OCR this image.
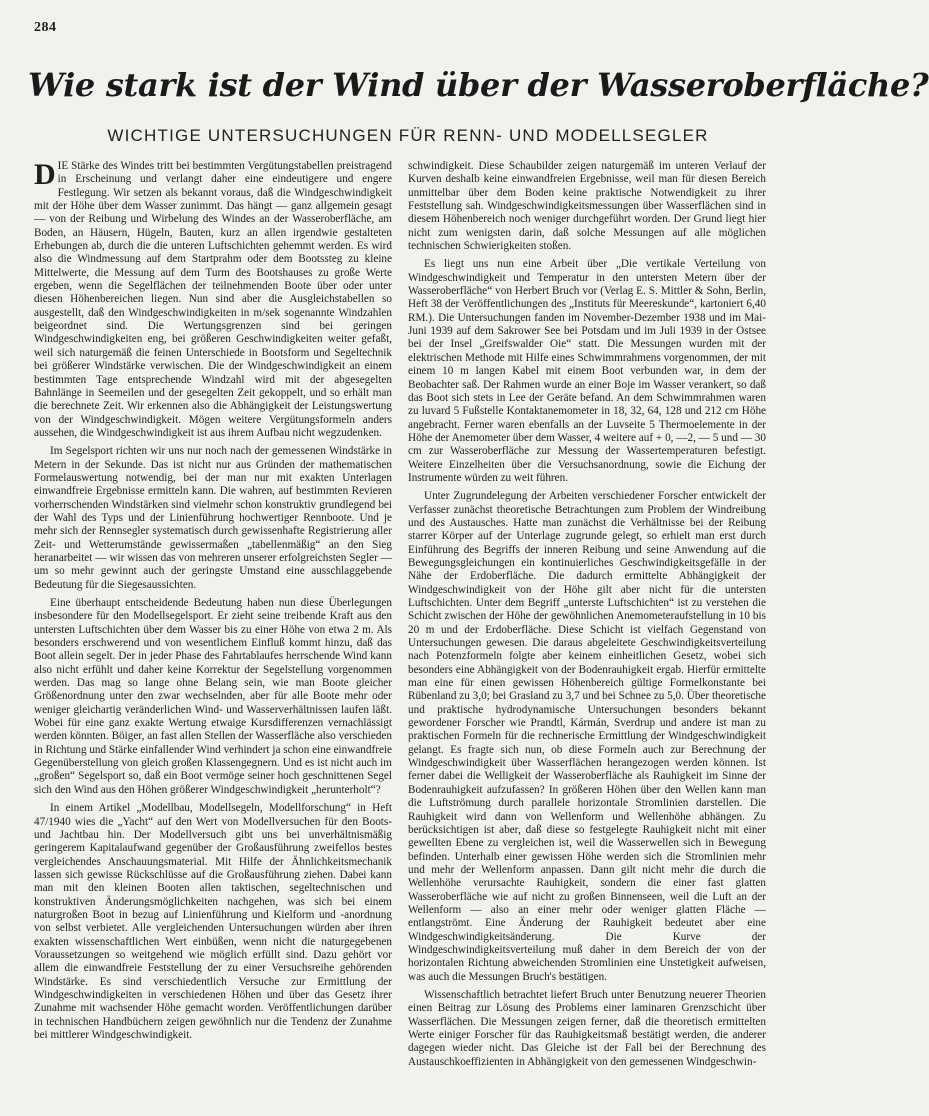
284
Wie stark ist der Wind über der Wasseroberfläche?
WICHTIGE UNTERSUCHUNGEN FÜR RENN- UND MODELLSEGLER

DIE Stärke des Windes tritt bei bestimmten Vergütungstabellen preistragend in Erscheinung und verlangt daher eine eindeutigere und engere Festlegung. Wir setzen als bekannt voraus, daß die Windgeschwindigkeit mit der Höhe über dem Wasser zunimmt. Das hängt — ganz allgemein gesagt — von der Reibung und Wirbelung des Windes an der Wasseroberfläche, am Boden, an Häusern, Hügeln, Bauten, kurz an allen irgendwie gestalteten Erhebungen ab, durch die die unteren Luftschichten gehemmt werden. Es wird also die Windmessung auf dem Startprahm oder dem Bootssteg zu kleine Mittelwerte, die Messung auf dem Turm des Bootshauses zu große Werte ergeben, wenn die Segelflächen der teilnehmenden Boote über oder unter diesen Höhenbereichen liegen. Nun sind aber die Ausgleichstabellen so ausgestellt, daß den Windgeschwindigkeiten in m/sek sogenannte Windzahlen beigeordnet sind. Die Wertungsgrenzen sind bei geringen Windgeschwindigkeiten eng, bei größeren Geschwindigkeiten weiter gefaßt, weil sich naturgemäß die feinen Unterschiede in Bootsform und Segeltechnik bei größerer Windstärke verwischen. Die der Windgeschwindigkeit an einem bestimmten Tage entsprechende Windzahl wird mit der abgesegelten Bahnlänge in Seemeilen und der gesegelten Zeit gekoppelt, und so erhält man die berechnete Zeit. Wir erkennen also die Abhängigkeit der Leistungswertung von der Windgeschwindigkeit. Mögen weitere Vergütungsformeln anders aussehen, die Windgeschwindigkeit ist aus ihrem Aufbau nicht wegzudenken.

Im Segelsport richten wir uns nur noch nach der gemessenen Windstärke in Metern in der Sekunde. Das ist nicht nur aus Gründen der mathematischen Formelauswertung notwendig, bei der man nur mit exakten Unterlagen einwandfreie Ergebnisse ermitteln kann. Die wahren, auf bestimmten Revieren vorherrschenden Windstärken sind vielmehr schon konstruktiv grundlegend bei der Wahl des Typs und der Linienführung hochwertiger Rennboote. Und je mehr sich der Rennsegler systematisch durch gewissenhafte Registrierung aller Zeit- und Wetterumstände gewissermaßen „tabellenmäßig“ an den Sieg heranarbeitet — wir wissen das von mehreren unserer erfolgreichsten Segler — um so mehr gewinnt auch der geringste Umstand eine ausschlaggebende Bedeutung für die Siegesaussichten.

Eine überhaupt entscheidende Bedeutung haben nun diese Überlegungen insbesondere für den Modellsegelsport. Er zieht seine treibende Kraft aus den untersten Luftschichten über dem Wasser bis zu einer Höhe von etwa 2 m. Als besonders erschwerend und von wesentlichem Einfluß kommt hinzu, daß das Boot allein segelt. Der in jeder Phase des Fahrtablaufes herrschende Wind kann also nicht erfühlt und daher keine Korrektur der Segelstellung vorgenommen werden. Das mag so lange ohne Belang sein, wie man Boote gleicher Größenordnung unter den zwar wechselnden, aber für alle Boote mehr oder weniger gleichartig veränderlichen Wind- und Wasserverhältnissen laufen läßt. Wobei für eine ganz exakte Wertung etwaige Kursdifferenzen vernachlässigt werden könnten. Böiger, an fast allen Stellen der Wasserfläche also verschieden in Richtung und Stärke einfallender Wind verhindert ja schon eine einwandfreie Gegenüberstellung von gleich großen Klassengegnern. Und es ist nicht auch im „großen“ Segelsport so, daß ein Boot vermöge seiner hoch geschnittenen Segel sich den Wind aus den Höhen größerer Windgeschwindigkeit „herunterholt“?

In einem Artikel „Modellbau, Modellsegeln, Modellforschung“ in Heft 47/1940 wies die „Yacht“ auf den Wert von Modellversuchen für den Boots- und Jachtbau hin. Der Modellversuch gibt uns bei unverhältnismäßig geringerem Kapitalaufwand gegenüber der Großausführung zweifellos bestes vergleichendes Anschauungsmaterial. Mit Hilfe der Ähnlichkeitsmechanik lassen sich gewisse Rückschlüsse auf die Großausführung ziehen. Dabei kann man mit den kleinen Booten allen taktischen, segeltechnischen und konstruktiven Änderungsmöglichkeiten nachgehen, was sich bei einem naturgroßen Boot in bezug auf Linienführung und Kielform und -anordnung von selbst verbietet. Alle vergleichenden Untersuchungen würden aber ihren exakten wissenschaftlichen Wert einbüßen, wenn nicht die naturgegebenen Voraussetzungen so weitgehend wie möglich erfüllt sind. Dazu gehört vor allem die einwandfreie Feststellung der zu einer Versuchsreihe gehörenden Windstärke. Es sind verschiedentlich Versuche zur Ermittlung der Windgeschwindigkeiten in verschiedenen Höhen und über das Gesetz ihrer Zunahme mit wachsender Höhe gemacht worden. Veröffentlichungen darüber in technischen Handbüchern zeigen gewöhnlich nur die Tendenz der Zunahme bei mittlerer Windgeschwindigkeit.

schwindigkeit. Diese Schaubilder zeigen naturgemäß im unteren Verlauf der Kurven deshalb keine einwandfreien Ergebnisse, weil man für diesen Bereich unmittelbar über dem Boden keine praktische Notwendigkeit zu ihrer Feststellung sah. Windgeschwindigkeitsmessungen über Wasserflächen sind in diesem Höhenbereich noch weniger durchgeführt worden. Der Grund liegt hier nicht zum wenigsten darin, daß solche Messungen auf alle möglichen technischen Schwierigkeiten stoßen.

Es liegt uns nun eine Arbeit über „Die vertikale Verteilung von Windgeschwindigkeit und Temperatur in den untersten Metern über der Wasseroberfläche“ von Herbert Bruch vor (Verlag E. S. Mittler & Sohn, Berlin, Heft 38 der Veröffentlichungen des „Instituts für Meereskunde“, kartoniert 6,40 RM.). Die Untersuchungen fanden im November-Dezember 1938 und im Mai-Juni 1939 auf dem Sakrower See bei Potsdam und im Juli 1939 in der Ostsee bei der Insel „Greifswalder Oie“ statt. Die Messungen wurden mit der elektrischen Methode mit Hilfe eines Schwimmrahmens vorgenommen, der mit einem 10 m langen Kabel mit einem Boot verbunden war, in dem der Beobachter saß. Der Rahmen wurde an einer Boje im Wasser verankert, so daß das Boot sich stets in Lee der Geräte befand. An dem Schwimmrahmen waren zu luvard 5 Fußstelle Kontaktanemometer in 18, 32, 64, 128 und 212 cm Höhe angebracht. Ferner waren ebenfalls an der Luvseite 5 Thermoelemente in der Höhe der Anemometer über dem Wasser, 4 weitere auf + 0, —2, — 5 und — 30 cm zur Wasseroberfläche zur Messung der Wassertemperaturen befestigt. Weitere Einzelheiten über die Versuchsanordnung, sowie die Eichung der Instrumente würden zu weit führen.

Unter Zugrundelegung der Arbeiten verschiedener Forscher entwickelt der Verfasser zunächst theoretische Betrachtungen zum Problem der Windreibung und des Austausches. Hatte man zunächst die Verhältnisse bei der Reibung starrer Körper auf der Unterlage zugrunde gelegt, so erhielt man erst durch Einführung des Begriffs der inneren Reibung und seine Anwendung auf die Bewegungsgleichungen ein kontinuierliches Geschwindigkeitsgefälle in der Nähe der Erdoberfläche. Die dadurch ermittelte Abhängigkeit der Windgeschwindigkeit von der Höhe gilt aber nicht für die untersten Luftschichten. Unter dem Begriff „unterste Luftschichten“ ist zu verstehen die Schicht zwischen der Höhe der gewöhnlichen Anemometeraufstellung in 10 bis 20 m und der Erdoberfläche. Diese Schicht ist vielfach Gegenstand von Untersuchungen gewesen. Die daraus abgeleitete Geschwindigkeitsverteilung nach Potenzformeln folgte aber keinem einheitlichen Gesetz, wobei sich besonders eine Abhängigkeit von der Bodenrauhigkeit ergab. Hierfür ermittelte man eine für einen gewissen Höhenbereich gültige Formelkonstante bei Rübenland zu 3,0; bei Grasland zu 3,7 und bei Schnee zu 5,0. Über theoretische und praktische hydrodynamische Untersuchungen besonders bekannt gewordener Forscher wie Prandtl, Kármán, Sverdrup und andere ist man zu praktischen Formeln für die rechnerische Ermittlung der Windgeschwindigkeit gelangt. Es fragte sich nun, ob diese Formeln auch zur Berechnung der Windgeschwindigkeit über Wasserflächen herangezogen werden können. Ist ferner dabei die Welligkeit der Wasseroberfläche als Rauhigkeit im Sinne der Bodenrauhigkeit aufzufassen? In größeren Höhen über den Wellen kann man die Luftströmung durch parallele horizontale Stromlinien darstellen. Die Rauhigkeit wird dann von Wellenform und Wellenhöhe abhängen. Zu berücksichtigen ist aber, daß diese so festgelegte Rauhigkeit nicht mit einer gewellten Ebene zu vergleichen ist, weil die Wasserwellen sich in Bewegung befinden. Unterhalb einer gewissen Höhe werden sich die Stromlinien mehr und mehr der Wellenform anpassen. Dann gilt nicht mehr die durch die Wellenhöhe verursachte Rauhigkeit, sondern die einer fast glatten Wasseroberfläche wie auf nicht zu großen Binnenseen, weil die Luft an der Wellenform — also an einer mehr oder weniger glatten Fläche — entlangströmt. Eine Änderung der Rauhigkeit bedeutet aber eine Windgeschwindigkeitsänderung. Die Kurve der Windgeschwindigkeitsverteilung muß daher in dem Bereich der von der horizontalen Richtung abweichenden Stromlinien eine Unstetigkeit aufweisen, was auch die Messungen Bruch's bestätigen.

Wissenschaftlich betrachtet liefert Bruch unter Benutzung neuerer Theorien einen Beitrag zur Lösung des Problems einer laminaren Grenzschicht über Wasserflächen. Die Messungen zeigen ferner, daß die theoretisch ermittelten Werte einiger Forscher für das Rauhigkeitsmaß bestätigt werden, die anderer dagegen wieder nicht. Das Gleiche ist der Fall bei der Berechnung des Austauschkoeffizienten in Abhängigkeit von den gemessenen Windgeschwin-
